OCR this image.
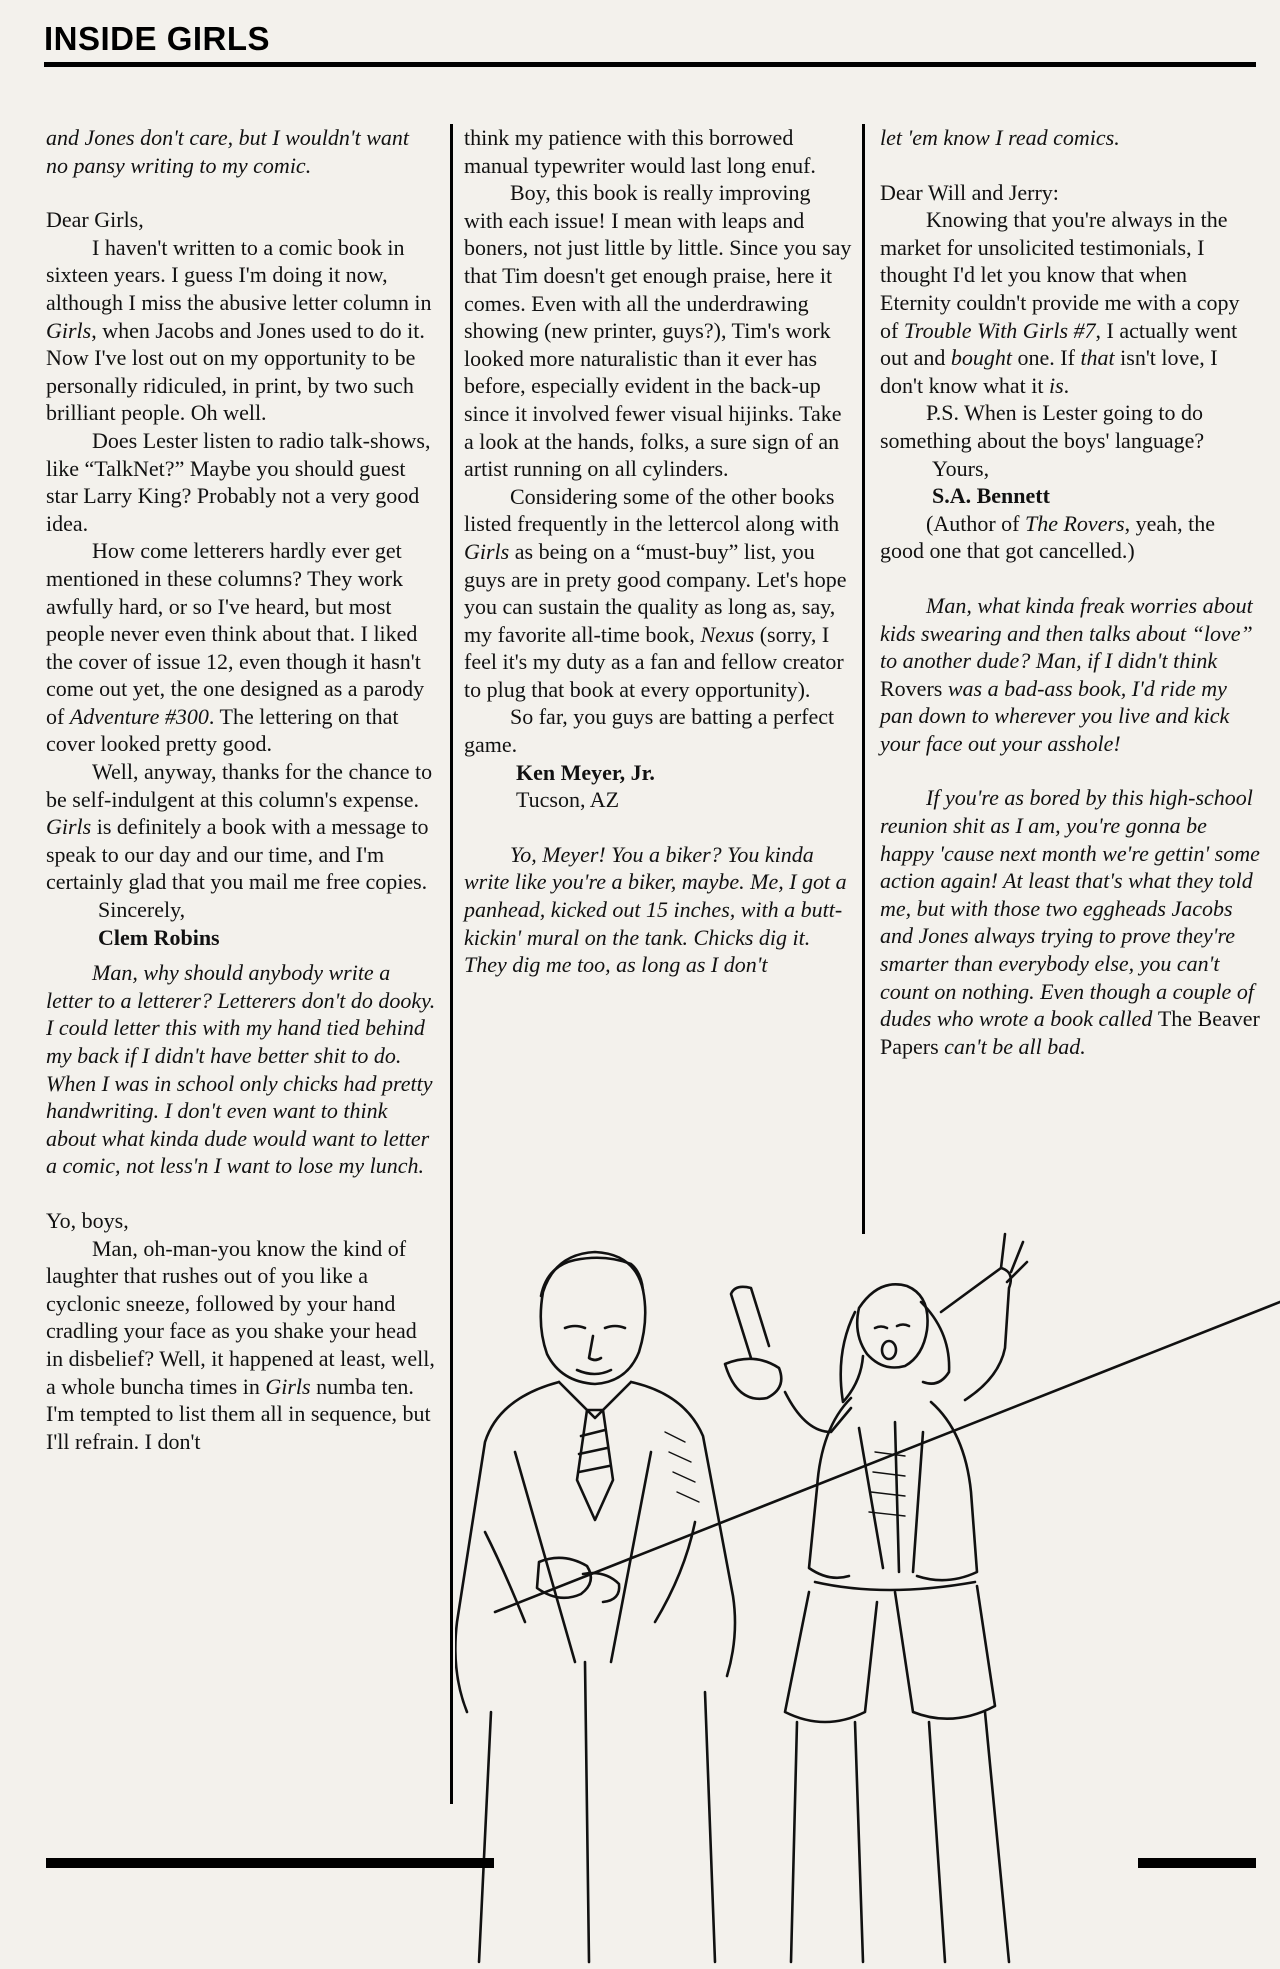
INSIDE GIRLS

and Jones don't care, but I wouldn't want no pansy writing to my comic.

Dear Girls,

I haven't written to a comic book in sixteen years. I guess I'm doing it now, although I miss the abusive letter column in Girls, when Jacobs and Jones used to do it. Now I've lost out on my opportunity to be personally ridiculed, in print, by two such brilliant people. Oh well.

Does Lester listen to radio talk-shows, like “TalkNet?” Maybe you should guest star Larry King? Probably not a very good idea.

How come letterers hardly ever get mentioned in these columns? They work awfully hard, or so I've heard, but most people never even think about that. I liked the cover of issue 12, even though it hasn't come out yet, the one designed as a parody of Adventure #300. The lettering on that cover looked pretty good.

Well, anyway, thanks for the chance to be self-indulgent at this column's expense. Girls is definitely a book with a message to speak to our day and our time, and I'm certainly glad that you mail me free copies.

Sincerely,

Clem Robins

Man, why should anybody write a letter to a letterer? Letterers don't do dooky. I could letter this with my hand tied behind my back if I didn't have better shit to do. When I was in school only chicks had pretty handwriting. I don't even want to think about what kinda dude would want to letter a comic, not less'n I want to lose my lunch.

Yo, boys,

Man, oh-man-you know the kind of laughter that rushes out of you like a cyclonic sneeze, followed by your hand cradling your face as you shake your head in disbelief? Well, it happened at least, well, a whole buncha times in Girls numba ten. I'm tempted to list them all in sequence, but I'll refrain. I don't

think my patience with this borrowed manual typewriter would last long enuf.

Boy, this book is really improving with each issue! I mean with leaps and boners, not just little by little. Since you say that Tim doesn't get enough praise, here it comes. Even with all the underdrawing showing (new printer, guys?), Tim's work looked more naturalistic than it ever has before, especially evident in the back-up since it involved fewer visual hijinks. Take a look at the hands, folks, a sure sign of an artist running on all cylinders.

Considering some of the other books listed frequently in the lettercol along with Girls as being on a “must-buy” list, you guys are in prety good company. Let's hope you can sustain the quality as long as, say, my favorite all-time book, Nexus (sorry, I feel it's my duty as a fan and fellow creator to plug that book at every opportunity).

So far, you guys are batting a perfect game.

Ken Meyer, Jr.

Tucson, AZ

Yo, Meyer! You a biker? You kinda write like you're a biker, maybe. Me, I got a panhead, kicked out 15 inches, with a butt-kickin' mural on the tank. Chicks dig it. They dig me too, as long as I don't

let 'em know I read comics.

Dear Will and Jerry:

Knowing that you're always in the market for unsolicited testimonials, I thought I'd let you know that when Eternity couldn't provide me with a copy of Trouble With Girls #7, I actually went out and bought one. If that isn't love, I don't know what it is.

P.S. When is Lester going to do something about the boys' language?

Yours,

S.A. Bennett

(Author of The Rovers, yeah, the good one that got cancelled.)

Man, what kinda freak worries about kids swearing and then talks about “love” to another dude? Man, if I didn't think Rovers was a bad-ass book, I'd ride my pan down to wherever you live and kick your face out your asshole!

If you're as bored by this high-school reunion shit as I am, you're gonna be happy 'cause next month we're gettin' some action again! At least that's what they told me, but with those two eggheads Jacobs and Jones always trying to prove they're smarter than everybody else, you can't count on nothing. Even though a couple of dudes who wrote a book called The Beaver Papers can't be all bad.
